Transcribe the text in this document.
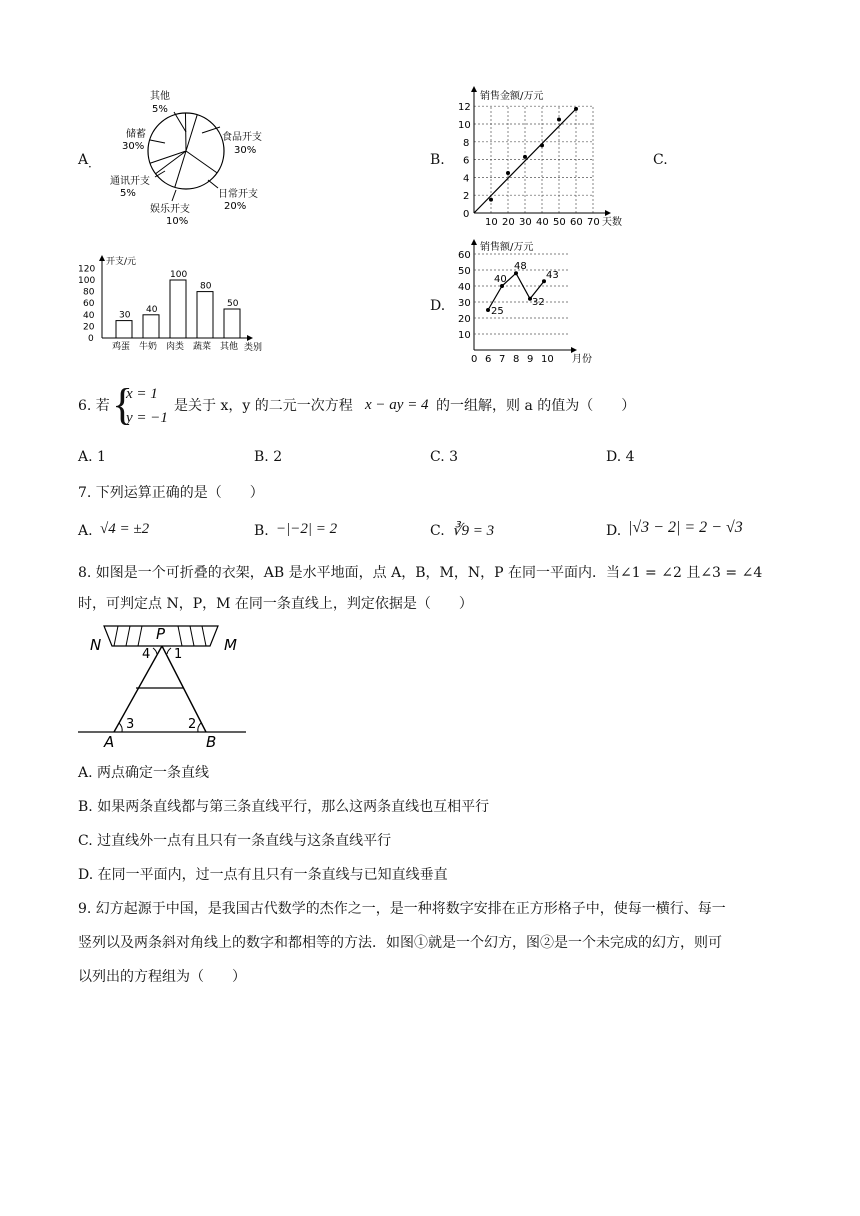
A ·
其他
5%
储蓄
30%
食品开支
30%
日常开支
20%
娱乐开支
10%
通讯开支
5%
B.
销售金额/万元
天数
10 20 30 40 50 60 70
0
2
4
6
8
10
12
C.
开支/元
类别
0
20
40
60
80
100
120
30
鸡蛋
40
牛奶
100
肉类
80
蔬菜
50
其他
D.
销售额/万元
月份
10
20
30
40
50
60
0 6 7 8 9 10
25
40
48
32
43
6. 若 {
x = 1
y = −1
是关于 x，y 的二元一次方程 x − ay = 4 的一组解，则 a 的值为（　　）
A. 1	B. 2	C. 3	D. 4
7. 下列运算正确的是（　　）
A. √4 = ±2	B. −|−2| = 2	C. ∛9 = 3	D. |√3 − 2| = 2 − √3
8. 如图是一个可折叠的衣架，AB 是水平地面，点 A，B，M，N，P 在同一平面内．当∠1 = ∠2 且∠3 = ∠4
时，可判定点 N，P，M 在同一条直线上，判定依据是（　　）
N
P
M
4 1
3	2
A	B
A. 两点确定一条直线
B. 如果两条直线都与第三条直线平行，那么这两条直线也互相平行
C. 过直线外一点有且只有一条直线与这条直线平行
D. 在同一平面内，过一点有且只有一条直线与已知直线垂直
9. 幻方起源于中国，是我国古代数学的杰作之一，是一种将数字安排在正方形格子中，使每一横行、每一
竖列以及两条斜对角线上的数字和都相等的方法．如图①就是一个幻方，图②是一个未完成的幻方，则可
以列出的方程组为（　　）
